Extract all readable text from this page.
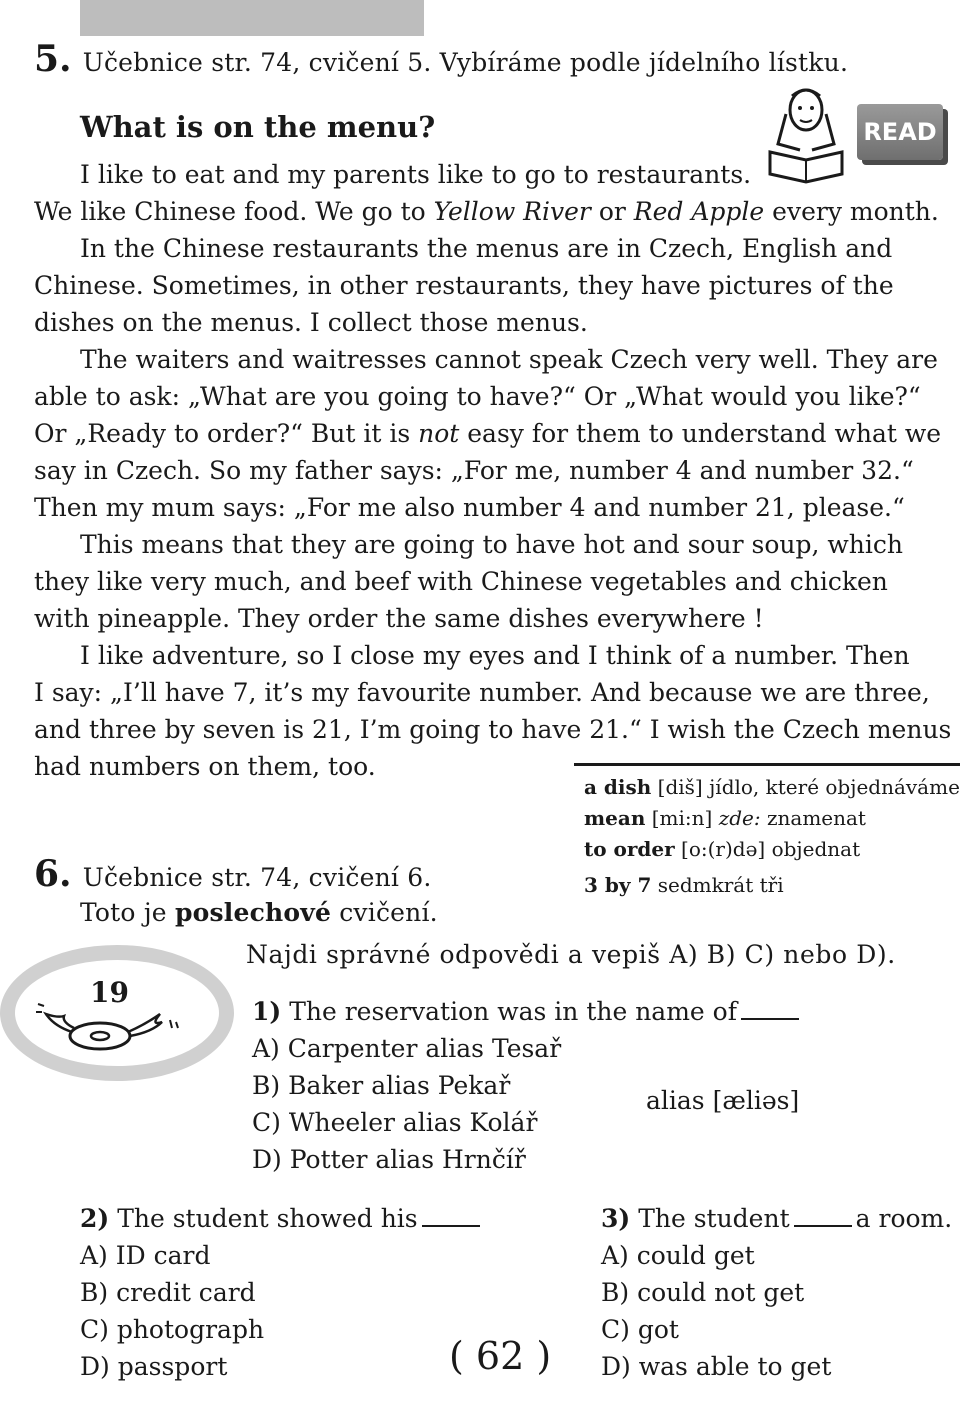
5. Učebnice str. 74, cvičení 5. Vybíráme podle jídelního lístku.
What is on the menu?	READ
I like to eat and my parents like to go to restaurants.
We like Chinese food. We go to Yellow River or Red Apple every month.
In the Chinese restaurants the menus are in Czech, English and
Chinese. Sometimes, in other restaurants, they have pictures of the
dishes on the menus. I collect those menus.
The waiters and waitresses cannot speak Czech very well. They are
able to ask: „What are you going to have?“ Or „What would you like?“
Or „Ready to order?“ But it is not easy for them to understand what we
say in Czech. So my father says: „For me, number 4 and number 32.“
Then my mum says: „For me also number 4 and number 21, please.“
This means that they are going to have hot and sour soup, which
they like very much, and beef with Chinese vegetables and chicken
with pineapple. They order the same dishes everywhere !
I like adventure, so I close my eyes and I think of a number. Then
I say: „I’ll have 7, it’s my favourite number. And because we are three,
and three by seven is 21, I’m going to have 21.“ I wish the Czech menus
had numbers on them, too.
a dish [diš] jídlo, které objednáváme
mean [mi:n] zde: znamenat
to order [o:(r)də] objednat
3 by 7 sedmkrát tři
6. Učebnice str. 74, cvičení 6.
Toto je poslechové cvičení.
Najdi správné odpovědi a vepiš A) B) C) nebo D).
19
1) The reservation was in the name of
A) Carpenter alias Tesař
B) Baker alias Pekař
C) Wheeler alias Kolář
D) Potter alias Hrnčíř
alias [æliəs]
2) The student showed his
A) ID card
B) credit card
C) photograph
D) passport
3) The student	a room.
A) could get
B) could not get
C) got
D) was able to get
( 62 )
